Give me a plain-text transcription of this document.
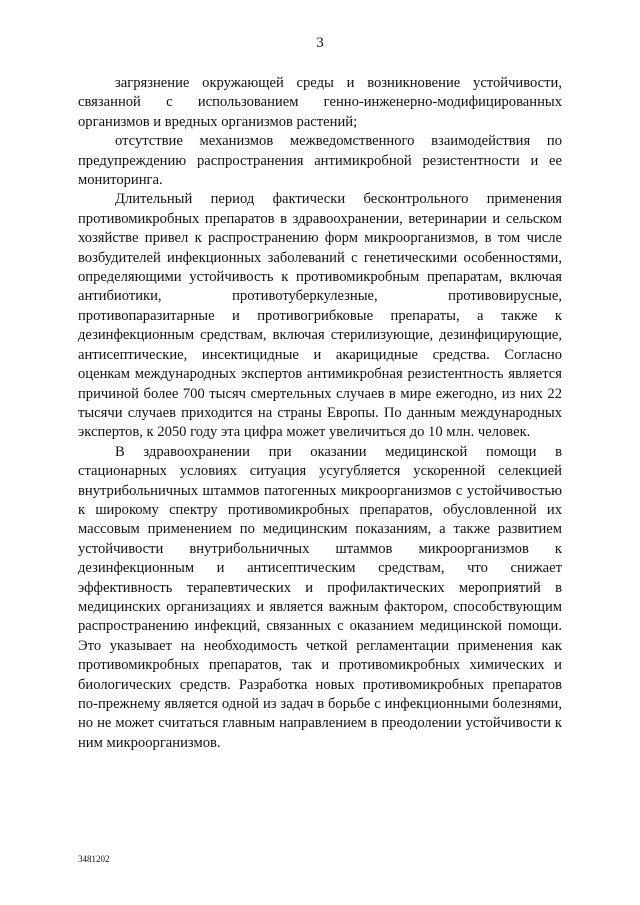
3

загрязнение окружающей среды и возникновение устойчивости, связанной с использованием генно-инженерно-модифицированных организмов и вредных организмов растений;

отсутствие механизмов межведомственного взаимодействия по предупреждению распространения антимикробной резистентности и ее мониторинга.

Длительный период фактически бесконтрольного применения противомикробных препаратов в здравоохранении, ветеринарии и сельском хозяйстве привел к распространению форм микроорганизмов, в том числе возбудителей инфекционных заболеваний с генетическими особенностями, определяющими устойчивость к противомикробным препаратам, включая антибиотики, противотуберкулезные, противовирусные, противопаразитарные и противогрибковые препараты, а также к дезинфекционным средствам, включая стерилизующие, дезинфицирующие, антисептические, инсектицидные и акарицидные средства. Согласно оценкам международных экспертов антимикробная резистентность является причиной более 700 тысяч смертельных случаев в мире ежегодно, из них 22 тысячи случаев приходится на страны Европы. По данным международных экспертов, к 2050 году эта цифра может увеличиться до 10 млн. человек.

В здравоохранении при оказании медицинской помощи в стационарных условиях ситуация усугубляется ускоренной селекцией внутрибольничных штаммов патогенных микроорганизмов с устойчивостью к широкому спектру противомикробных препаратов, обусловленной их массовым применением по медицинским показаниям, а также развитием устойчивости внутрибольничных штаммов микроорганизмов к дезинфекционным и антисептическим средствам, что снижает эффективность терапевтических и профилактических мероприятий в медицинских организациях и является важным фактором, способствующим распространению инфекций, связанных с оказанием медицинской помощи. Это указывает на необходимость четкой регламентации применения как противомикробных препаратов, так и противомикробных химических и биологических средств. Разработка новых противомикробных препаратов по-прежнему является одной из задач в борьбе с инфекционными болезнями, но не может считаться главным направлением в преодолении устойчивости к ним микроорганизмов.

3481202
